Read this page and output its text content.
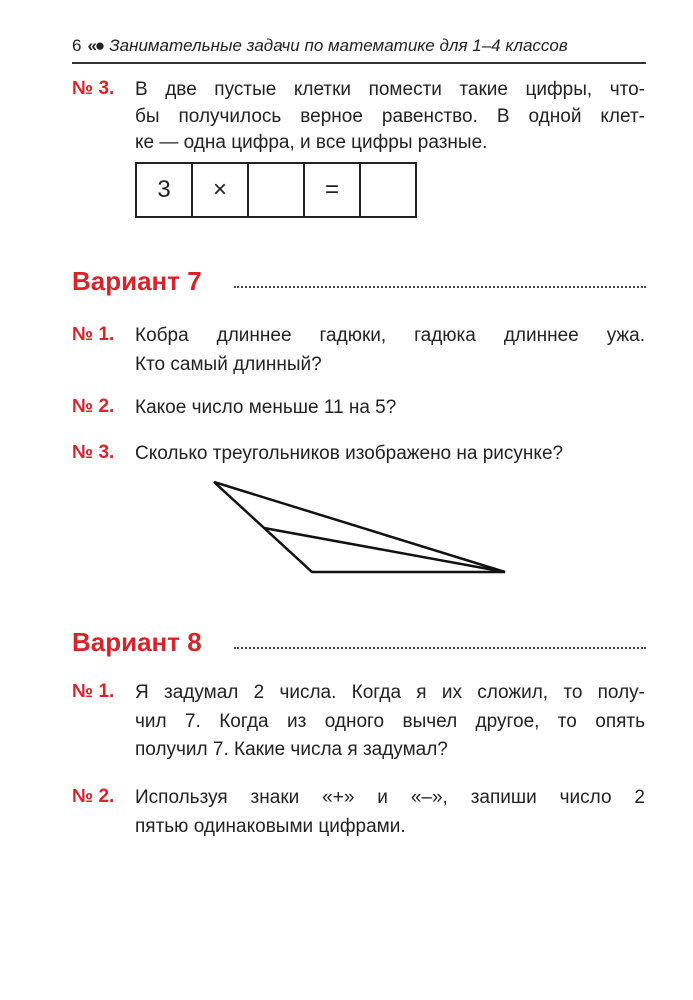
6 «● Занимательные задачи по математике для 1–4 классов
№ 3. В две пустые клетки помести такие цифры, что-
бы получилось верное равенство. В одной клет-
ке — одна цифра, и все цифры разные.
3	×	=
Вариант 7
№ 1. Кобра длиннее гадюки, гадюка длиннее ужа.
Кто самый длинный?
№ 2. Какое число меньше 11 на 5?
№ 3. Сколько треугольников изображено на рисунке?
Вариант 8
№ 1. Я задумал 2 числа. Когда я их сложил, то полу-
чил 7. Когда из одного вычел другое, то опять
получил 7. Какие числа я задумал?
№ 2. Используя знаки «+» и «–», запиши число 2
пятью одинаковыми цифрами.
